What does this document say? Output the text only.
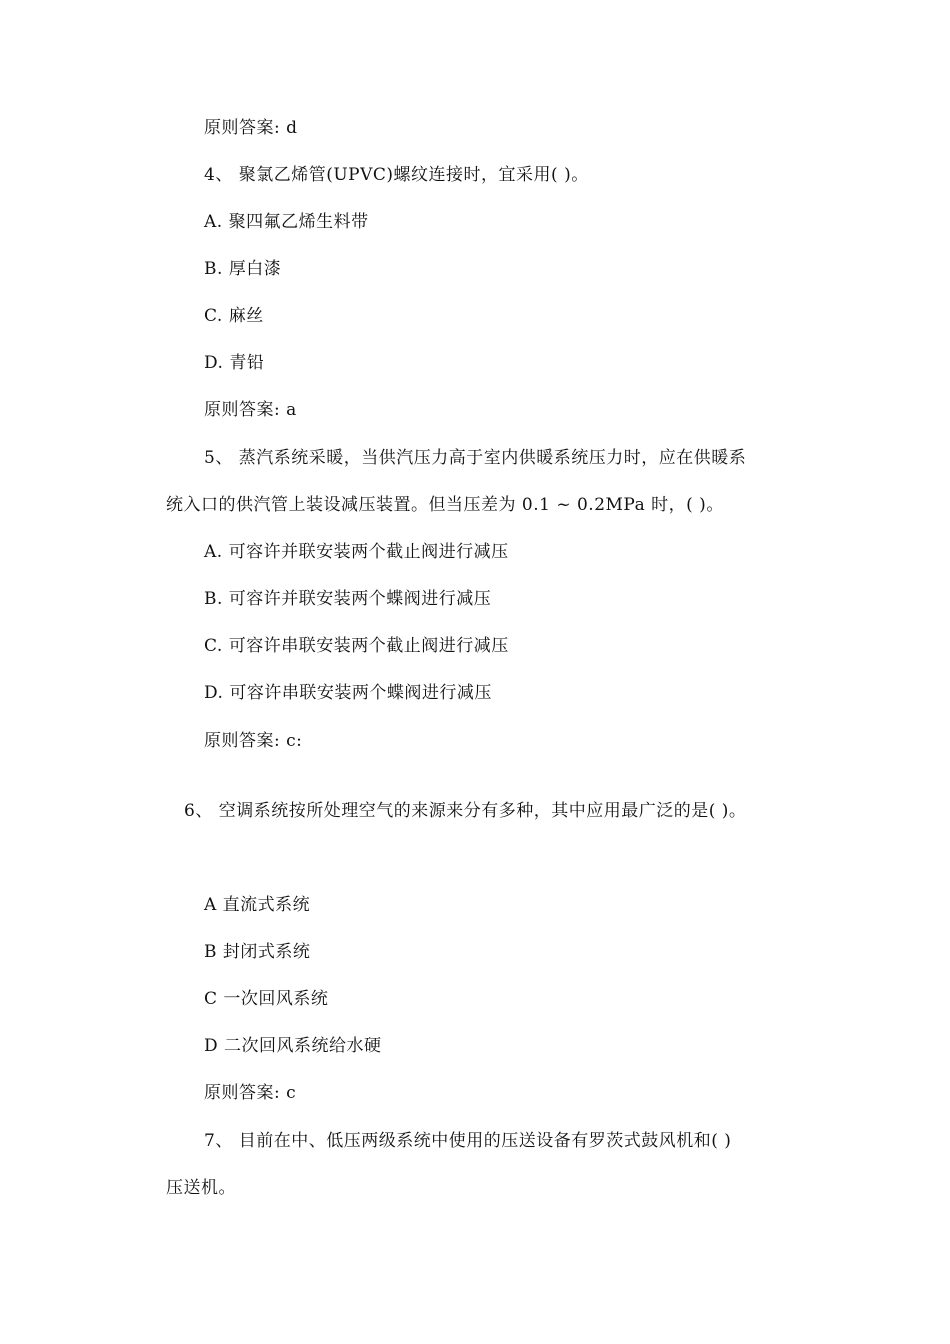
原则答案: d
4、 聚氯乙烯管(UPVC)螺纹连接时，宜采用( )。
A. 聚四氟乙烯生料带
B. 厚白漆
C. 麻丝
D. 青铅
原则答案: a
5、 蒸汽系统采暖，当供汽压力高于室内供暖系统压力时，应在供暖系
统入口的供汽管上装设减压装置。但当压差为 0.1 ~ 0.2MPa 时，( )。
A. 可容许并联安装两个截止阀进行减压
B. 可容许并联安装两个蝶阀进行减压
C. 可容许串联安装两个截止阀进行减压
D. 可容许串联安装两个蝶阀进行减压
原则答案: c:
6、 空调系统按所处理空气的来源来分有多种，其中应用最广泛的是( )。
A 直流式系统
B 封闭式系统
C 一次回风系统
D 二次回风系统给水硬
原则答案: c
7、 目前在中、低压两级系统中使用的压送设备有罗茨式鼓风机和( )
压送机。
